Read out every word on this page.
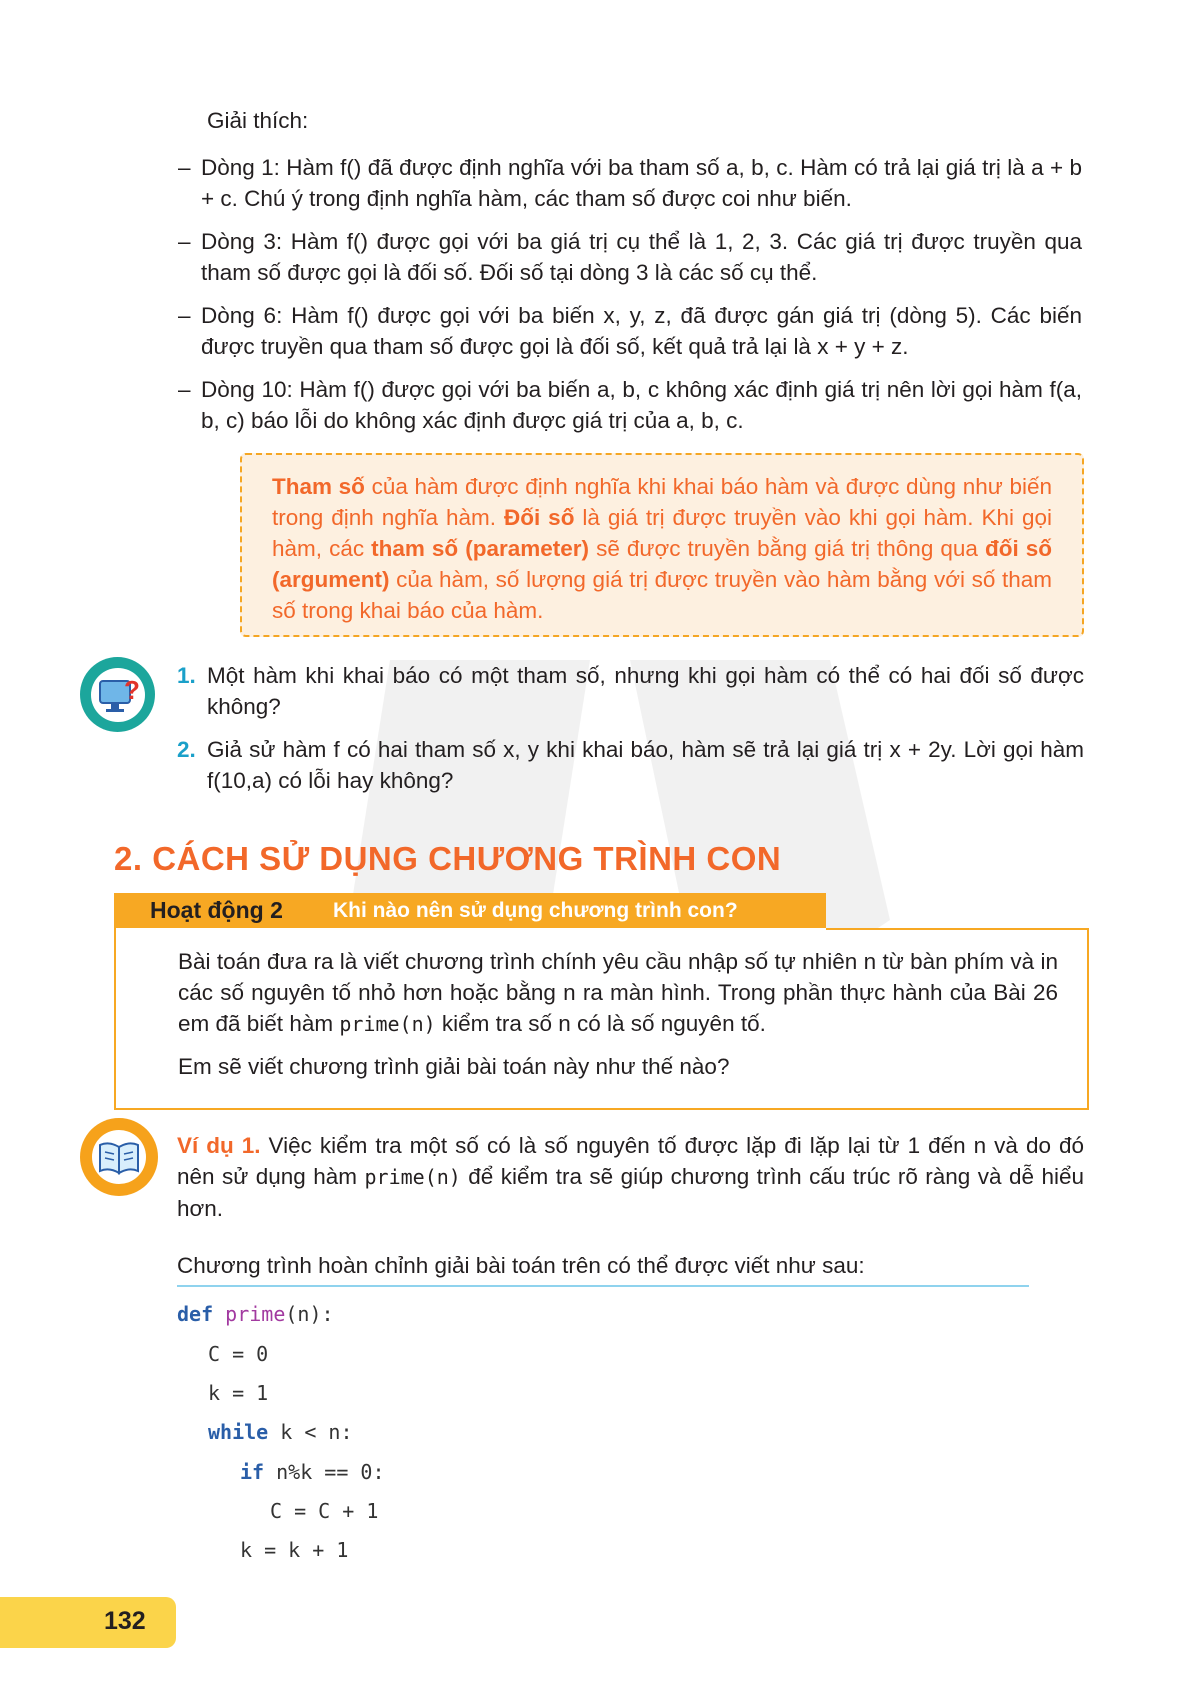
Giải thích:
– Dòng 1: Hàm f() đã được định nghĩa với ba tham số a, b, c. Hàm có trả lại giá trị là a + b + c. Chú ý trong định nghĩa hàm, các tham số được coi như biến.
– Dòng 3: Hàm f() được gọi với ba giá trị cụ thể là 1, 2, 3. Các giá trị được truyền qua tham số được gọi là đối số. Đối số tại dòng 3 là các số cụ thể.
– Dòng 6: Hàm f() được gọi với ba biến x, y, z, đã được gán giá trị (dòng 5). Các biến được truyền qua tham số được gọi là đối số, kết quả trả lại là x + y + z.
– Dòng 10: Hàm f() được gọi với ba biến a, b, c không xác định giá trị nên lời gọi hàm f(a, b, c) báo lỗi do không xác định được giá trị của a, b, c.
Tham số của hàm được định nghĩa khi khai báo hàm và được dùng như biến trong định nghĩa hàm. Đối số là giá trị được truyền vào khi gọi hàm. Khi gọi hàm, các tham số (parameter) sẽ được truyền bằng giá trị thông qua đối số (argument) của hàm, số lượng giá trị được truyền vào hàm bằng với số tham số trong khai báo của hàm.
? 1. Một hàm khi khai báo có một tham số, nhưng khi gọi hàm có thể có hai đối số được không?
2. Giả sử hàm f có hai tham số x, y khi khai báo, hàm sẽ trả lại giá trị x + 2y. Lời gọi hàm f(10,a) có lỗi hay không?
2. CÁCH SỬ DỤNG CHƯƠNG TRÌNH CON
Hoạt động 2 Khi nào nên sử dụng chương trình con?
Bài toán đưa ra là viết chương trình chính yêu cầu nhập số tự nhiên n từ bàn phím và in các số nguyên tố nhỏ hơn hoặc bằng n ra màn hình. Trong phần thực hành của Bài 26 em đã biết hàm prime(n) kiểm tra số n có là số nguyên tố.
Em sẽ viết chương trình giải bài toán này như thế nào?
Ví dụ 1. Việc kiểm tra một số có là số nguyên tố được lặp đi lặp lại từ 1 đến n và do đó nên sử dụng hàm prime(n) để kiểm tra sẽ giúp chương trình cấu trúc rõ ràng và dễ hiểu hơn.
Chương trình hoàn chỉnh giải bài toán trên có thể được viết như sau:
def prime(n):
C = 0
k = 1
while k < n:
if n%k == 0:
C = C + 1
k = k + 1
132
